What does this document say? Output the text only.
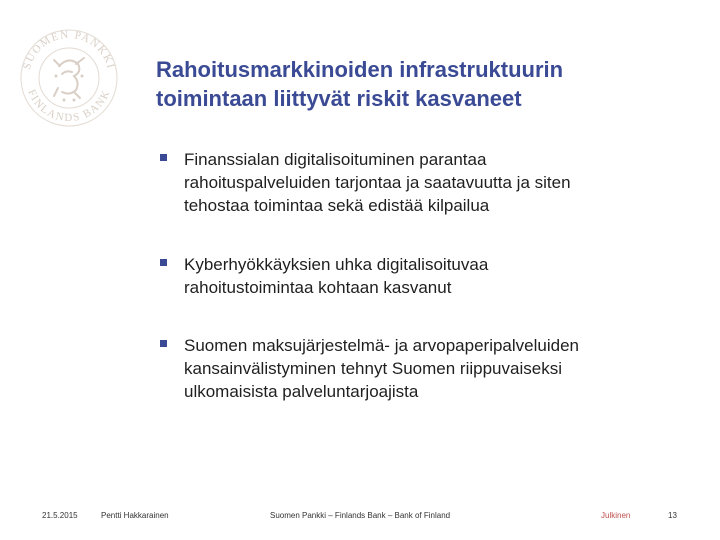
SUOMEN PANKKI
FINLANDS BANK
Rahoitusmarkkinoiden infrastruktuurin
toimintaan liittyvät riskit kasvaneet
Finanssialan digitalisoituminen parantaa
rahoituspalveluiden tarjontaa ja saatavuutta ja siten
tehostaa toimintaa sekä edistää kilpailua
Kyberhyökkäyksien uhka digitalisoituvaa
rahoitustoimintaa kohtaan kasvanut
Suomen maksujärjestelmä- ja arvopaperipalveluiden
kansainvälistyminen tehnyt Suomen riippuvaiseksi
ulkomaisista palveluntarjoajista
21.5.2015	Pentti Hakkarainen	Suomen Pankki – Finlands Bank – Bank of Finland	Julkinen	13
